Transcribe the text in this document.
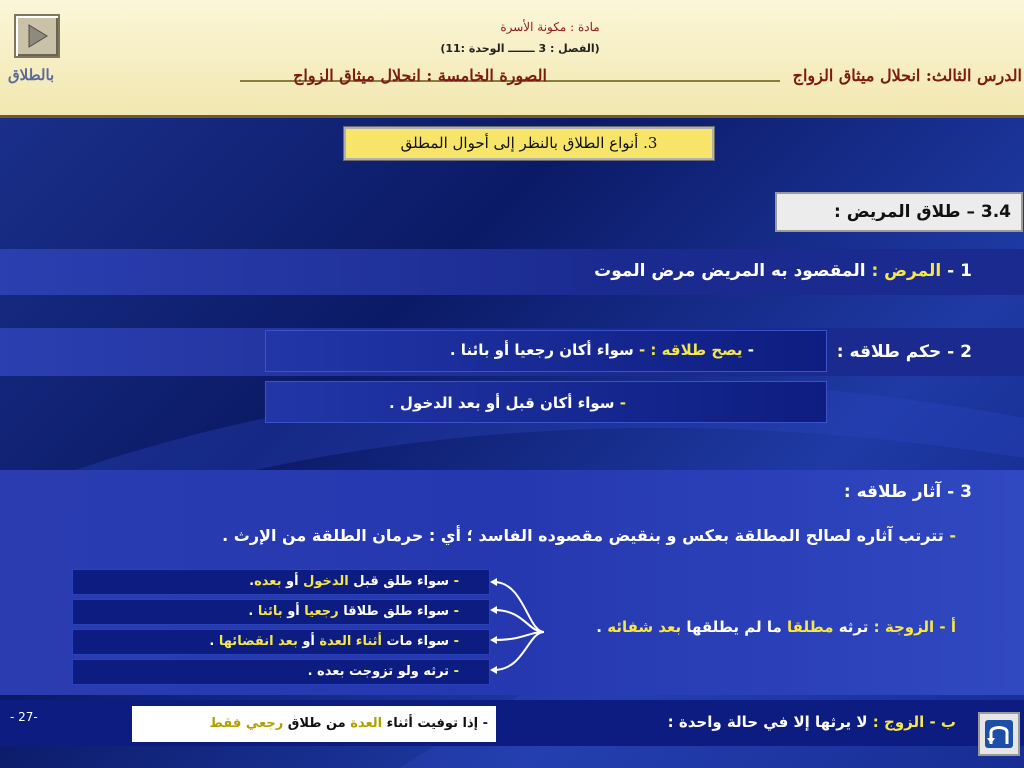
مادة : مكونة الأسرة
(الفصل : 3 ـــــــ الوحدة :11)
الدرس الثالث: انحلال ميثاق الزواج
الصورة الخامسة : انحلال ميثاق الزواج
بالطلاق
3. أنواع الطلاق بالنظر إلى أحوال المطلق
3.4 – طلاق المريض :
1 - المرض : المقصود به المريض مرض الموت
2 - حكم طلاقه :
- يصح طلاقه : - سواء أكان رجعيا أو بائنا .
- سواء أكان قبل أو بعد الدخول .
3 - آثار طلاقه :
- تترتب آثاره لصالح المطلقة بعكس و بنقيض مقصوده الفاسد ؛ أي : حرمان الطلقة من الإرث .
أ - الزوجة : ترثه مطلقا ما لم يطلقها بعد شفائه .
- سواء طلق قبل الدخول أو بعده.
- سواء طلق طلاقا رجعيا أو بائنا .
- سواء مات أثناء العدة أو بعد انقضائها .
- ترثه ولو تزوجت بعده .
ب - الزوج : لا يرثها إلا في حالة واحدة :
- إذا توفيت أثناء العدة من طلاق رجعي فقط
- 27-
